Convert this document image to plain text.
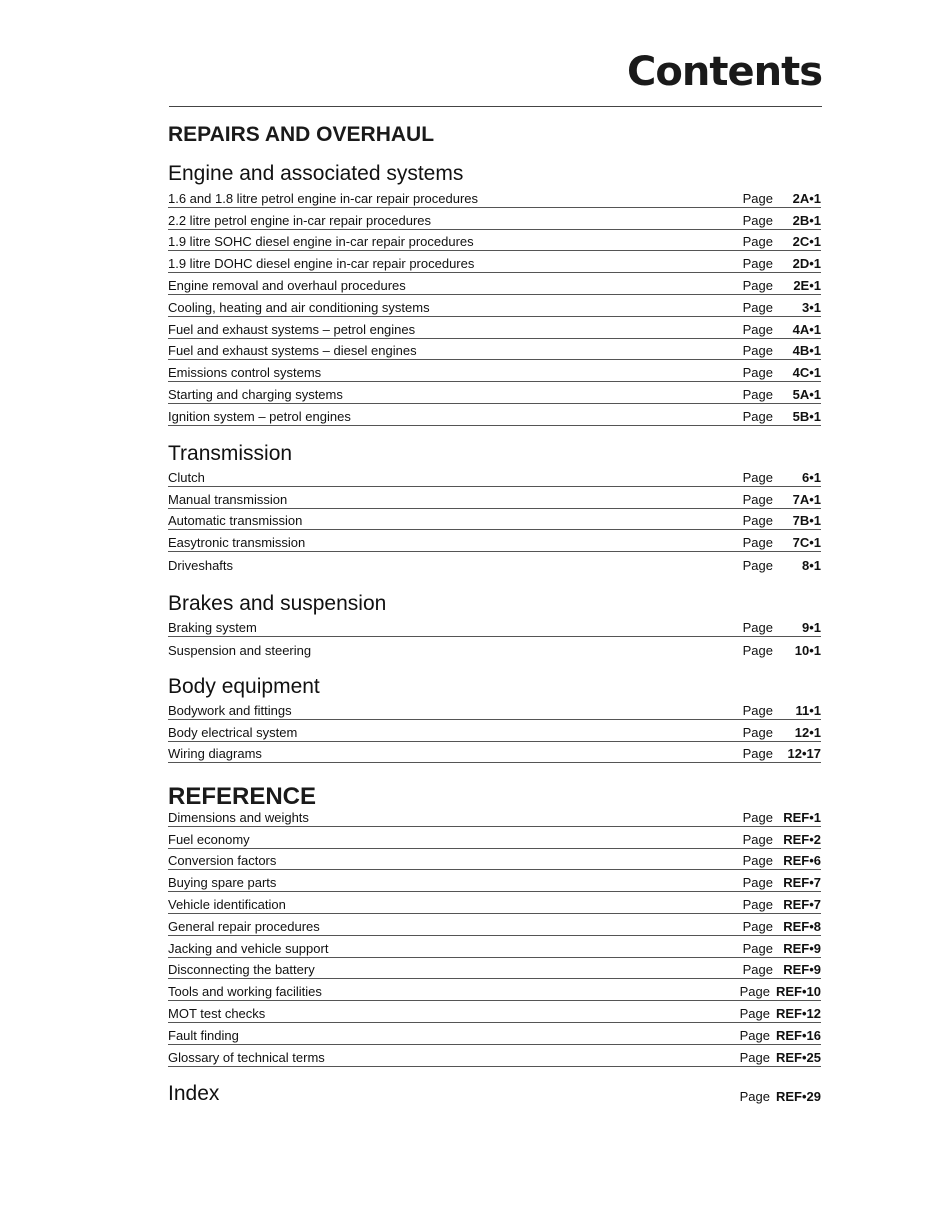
Contents
REPAIRS AND OVERHAUL
Engine and associated systems
1.6 and 1.8 litre petrol engine in-car repair procedures	Page	2A•1
2.2 litre petrol engine in-car repair procedures	Page	2B•1
1.9 litre SOHC diesel engine in-car repair procedures	Page	2C•1
1.9 litre DOHC diesel engine in-car repair procedures	Page	2D•1
Engine removal and overhaul procedures	Page	2E•1
Cooling, heating and air conditioning systems	Page	3•1
Fuel and exhaust systems – petrol engines	Page	4A•1
Fuel and exhaust systems – diesel engines	Page	4B•1
Emissions control systems	Page	4C•1
Starting and charging systems	Page	5A•1
Ignition system – petrol engines	Page	5B•1
Transmission
Clutch	Page	6•1
Manual transmission	Page	7A•1
Automatic transmission	Page	7B•1
Easytronic transmission	Page	7C•1
Driveshafts	Page	8•1
Brakes and suspension
Braking system	Page	9•1
Suspension and steering	Page	10•1
Body equipment
Bodywork and fittings	Page	11•1
Body electrical system	Page	12•1
Wiring diagrams	Page	12•17
REFERENCE
Dimensions and weights	Page REF•1
Fuel economy	Page REF•2
Conversion factors	Page REF•6
Buying spare parts	Page REF•7
Vehicle identification	Page REF•7
General repair procedures	Page REF•8
Jacking and vehicle support	Page REF•9
Disconnecting the battery	Page REF•9
Tools and working facilities	Page REF•10
MOT test checks	Page REF•12
Fault finding	Page REF•16
Glossary of technical terms	Page REF•25
Index	Page REF•29
